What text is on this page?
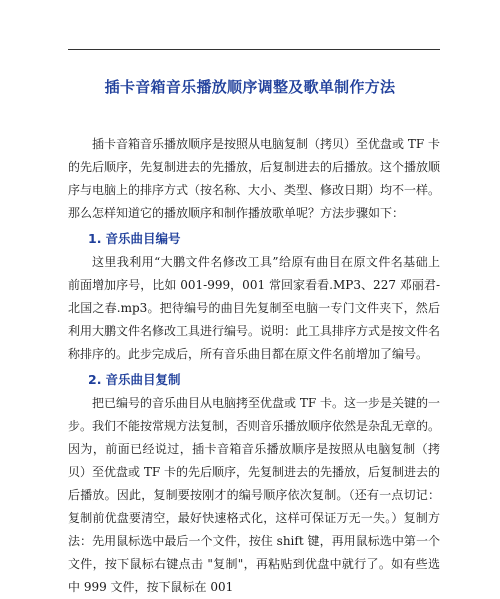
插卡音箱音乐播放顺序调整及歌单制作方法

插卡音箱音乐播放顺序是按照从电脑复制（拷贝）至优盘或 TF 卡的先后顺序，先复制进去的先播放，后复制进去的后播放。这个播放顺序与电脑上的排序方式（按名称、大小、类型、修改日期）均不一样。那么怎样知道它的播放顺序和制作播放歌单呢？方法步骤如下：

1. 音乐曲目编号

这里我利用“大鹏文件名修改工具”给原有曲目在原文件名基础上前面增加序号，比如 001-999，001 常回家看看.MP3、227 邓丽君-北国之春.mp3。把待编号的曲目先复制至电脑一专门文件夹下，然后利用大鹏文件名修改工具进行编号。说明：此工具排序方式是按文件名称排序的。此步完成后，所有音乐曲目都在原文件名前增加了编号。

2. 音乐曲目复制

把已编号的音乐曲目从电脑拷至优盘或 TF 卡。这一步是关键的一步。我们不能按常规方法复制，否则音乐播放顺序依然是杂乱无章的。因为，前面已经说过，插卡音箱音乐播放顺序是按照从电脑复制（拷贝）至优盘或 TF 卡的先后顺序，先复制进去的先播放，后复制进去的后播放。因此，复制要按刚才的编号顺序依次复制。（还有一点切记：复制前优盘要清空，最好快速格式化，这样可保证万无一失。）复制方法：先用鼠标选中最后一个文件，按住 shift 键，再用鼠标选中第一个文件，按下鼠标右键点击 "复制"，再粘贴到优盘中就行了。如有些选中 999 文件，按下鼠标在 001
